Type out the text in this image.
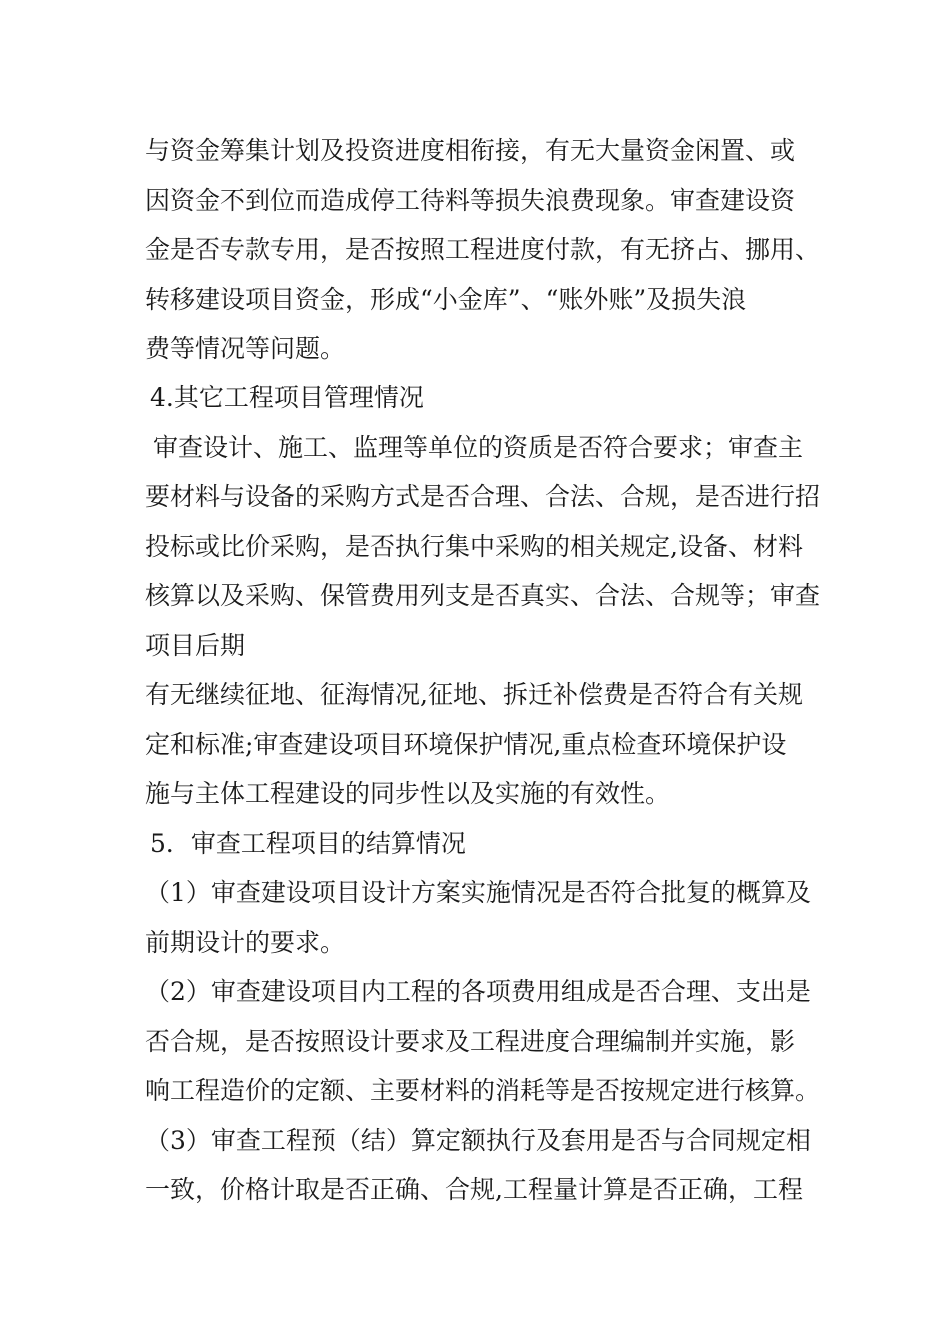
与资金筹集计划及投资进度相衔接，有无大量资金闲置、或
因资金不到位而造成停工待料等损失浪费现象。审查建设资
金是否专款专用，是否按照工程进度付款，有无挤占、挪用、
转移建设项目资金，形成“小金库”、“账外账”及损失浪
费等情况等问题。
4.其它工程项目管理情况
审查设计、施工、监理等单位的资质是否符合要求；审查主
要材料与设备的采购方式是否合理、合法、合规，是否进行招
投标或比价采购，是否执行集中采购的相关规定,设备、材料
核算以及采购、保管费用列支是否真实、合法、合规等；审查
项目后期
有无继续征地、征海情况,征地、拆迁补偿费是否符合有关规
定和标准;审查建设项目环境保护情况,重点检查环境保护设
施与主体工程建设的同步性以及实施的有效性。
5．审查工程项目的结算情况
（1）审查建设项目设计方案实施情况是否符合批复的概算及
前期设计的要求。
（2）审查建设项目内工程的各项费用组成是否合理、支出是
否合规，是否按照设计要求及工程进度合理编制并实施，影
响工程造价的定额、主要材料的消耗等是否按规定进行核算。
（3）审查工程预（结）算定额执行及套用是否与合同规定相
一致，价格计取是否正确、合规,工程量计算是否正确，工程
